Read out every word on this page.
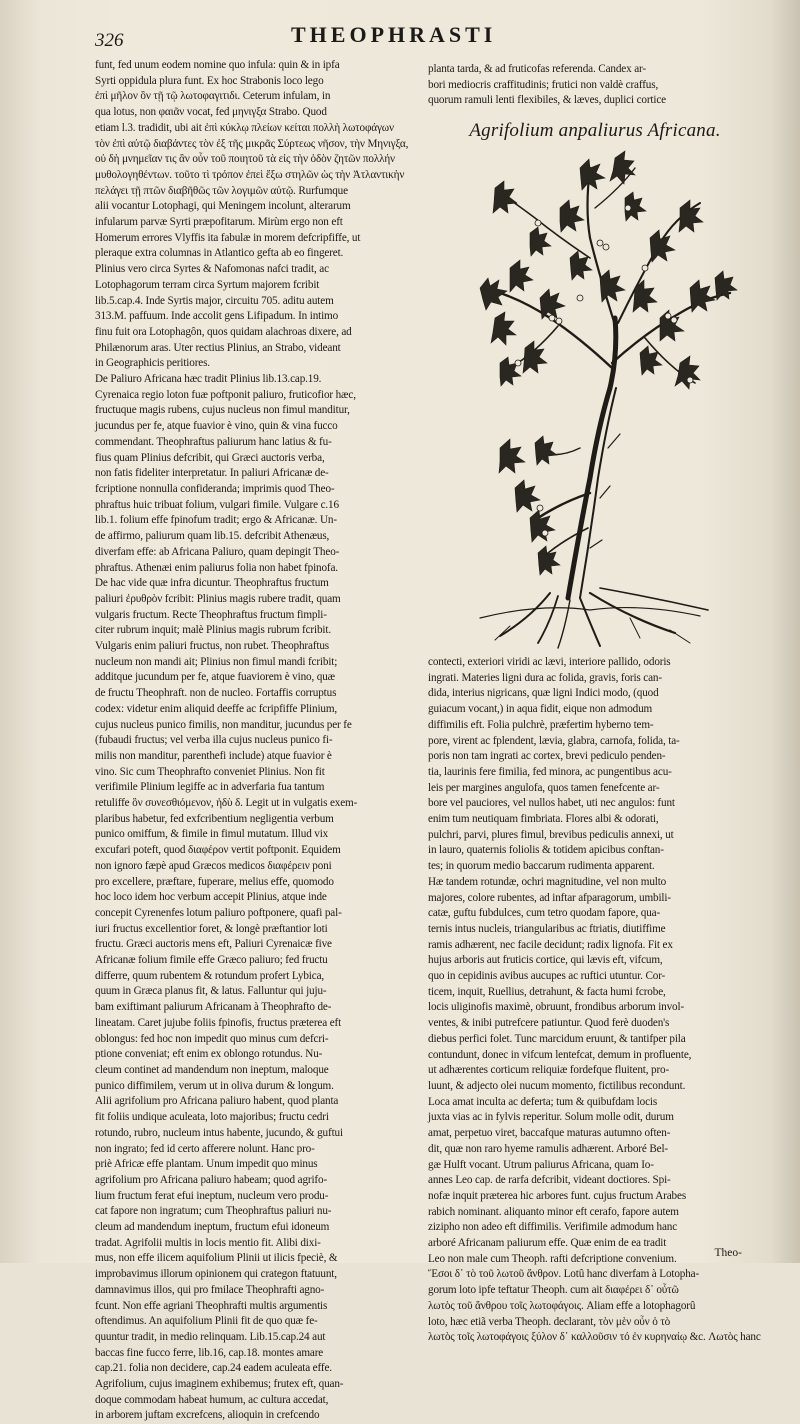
326	THEOPHRASTI
funt, fed unum eodem nomine quo infula: quin & in ipfa
Syrti oppidula plura funt. Ex hoc Strabonis loco lego
ἐπὶ μῆλον ὃν τῇ τῷ λωτοφαγιτιδι. Ceterum infulam, in
qua lotus, non φαιᾶν vocat, fed μηνιγξα Strabo. Quod
etiam l.3. tradidit, ubi ait ἐπὶ κύκλῳ πλείων κείται πολλὴ λωτοφάγων
τὸν ἐπὶ αὐτῷ διαβάντες τὸν ἐξ τῆς μικρᾶς Σύρτεως νῆσον, τὴν Μηνιγξα,
οὐ δὴ μνημεῖαν τις ἂν οὖν τοῦ ποιητοῦ τὰ εἰς τὴν ὁδὸν ζητῶν πολλήν
μυθολογηθέντων. τοῦτο τὶ τρόπον ἐπεὶ ἔξω στηλῶν ὡς τὴν Ἀτλαντικὴν
πελάγει τῇ πτῶν διαβῆθῶς τῶν λογιμῶν αὐτῷ. Rurfumque
alii vocantur Lotophagi, qui Meningem incolunt, alterarum
infularum parvæ Syrti præpofitarum. Mirùm ergo non eft
Homerum errores Vlyffis ita fabulæ in morem defcripfiffe, ut
pleraque extra columnas in Atlantico gefta ab eo fingeret.
Plinius vero circa Syrtes & Nafomonas nafci tradit, ac
Lotophagorum terram circa Syrtum majorem fcribit
lib.5.cap.4. Inde Syrtis major, circuitu 705. aditu autem
313.M. paffuum. Inde accolit gens Lifipadum. In intimo
finu fuit ora Lotophagôn, quos quidam alachroas dixere, ad
Philænorum aras. Uter rectius Plinius, an Strabo, videant
in Geographicis peritiores.
De Paliuro Africana hæc tradit Plinius lib.13.cap.19.
Cyrenaica regio loton fuæ poftponit paliuro, fruticofior hæc,
fructuque magis rubens, cujus nucleus non fimul manditur,
jucundus per fe, atque fuavior è vino, quin & vina fucco
commendant. Theophraftus paliurum hanc latius & fu-
fius quam Plinius defcribit, qui Græci auctoris verba,
non fatis fideliter interpretatur. In paliuri Africanæ de-
fcriptione nonnulla confideranda; imprimis quod Theo-
phraftus huic tribuat folium, vulgari fimile. Vulgare c.16
lib.1. folium effe fpinofum tradit; ergo & Africanæ. Un-
de affirmo, paliurum quam lib.15. defcribit Athenæus,
diverfam effe: ab Africana Paliuro, quam depingit Theo-
phraftus. Athenæi enim paliurus folia non habet fpinofa.
De hac vide quæ infra dicuntur. Theophraftus fructum
paliuri ἐρυθρὸν fcribit: Plinius magis rubere tradit, quam
vulgaris fructum. Recte Theophraftus fructum fimpli-
citer rubrum inquit; malè Plinius magis rubrum fcribit.
Vulgaris enim paliuri fructus, non rubet. Theophraftus
nucleum non mandi ait; Plinius non fimul mandi fcribit;
additque jucundum per fe, atque fuaviorem è vino, quæ
de fructu Theophraft. non de nucleo. Fortaffis corruptus
codex: videtur enim aliquid deeffe ac fcripfiffe Plinium,
cujus nucleus punico fimilis, non manditur, jucundus per fe
(fubaudi fructus; vel verba illa cujus nucleus punico fi-
milis non manditur, parenthefi include) atque fuavior è
vino. Sic cum Theophrafto conveniet Plinius. Non fit
verifimile Plinium legiffe ac in adverfaria fua tantum
retuliffe ὃν συνεσθιόμενον, ἡδὺ δ. Legit ut in vulgatis exem-
plaribus habetur, fed exfcribentium negligentia verbum
punico omiffum, & fimile in fimul mutatum. Illud vix
excufari poteft, quod διαφέρον vertit poftponit. Equidem
non ignoro fæpè apud Græcos medicos διαφέρειν poni
pro excellere, præftare, fuperare, melius effe, quomodo
hoc loco idem hoc verbum accepit Plinius, atque inde
concepit Cyrenenfes lotum paliuro poftponere, quafi pal-
iuri fructus excellentior foret, & longè præftantior loti
fructu. Græci auctoris mens eft, Paliuri Cyrenaicæ five
Africanæ folium fimile effe Græco paliuro; fed fructu
differre, quum rubentem & rotundum profert Lybica,
quum in Græca planus fit, & latus. Falluntur qui juju-
bam exiftimant paliurum Africanam à Theophrafto de-
lineatam. Caret jujube foliis fpinofis, fructus præterea eft
oblongus: fed hoc non impedit quo minus cum defcri-
ptione conveniat; eft enim ex oblongo rotundus. Nu-
cleum continet ad mandendum non ineptum, maloque
punico diffimilem, verum ut in oliva durum & longum.
Alii agrifolium pro Africana paliuro habent, quod planta
fit foliis undique aculeata, loto majoribus; fructu cedri
rotundo, rubro, nucleum intus habente, jucundo, & guftui
non ingrato; fed id certo afferere nolunt. Hanc pro-
priè Africæ effe plantam. Unum impedit quo minus
agrifolium pro Africana paliuro habeam; quod agrifo-
lium fructum ferat efui ineptum, nucleum vero produ-
cat fapore non ingratum; cum Theophraftus paliuri nu-
cleum ad mandendum ineptum, fructum efui idoneum
tradat. Agrifolii multis in locis mentio fit. Alibi dixi-
mus, non effe ilicem aquifolium Plinii ut ilicis fpeciè, &
improbavimus illorum opinionem qui crategon ftatuunt,
damnavimus illos, qui pro fmilace Theophrafti agno-
fcunt. Non effe agriani Theophrafti multis argumentis
oftendimus. An aquifolium Plinii fit de quo quæ fe-
quuntur tradit, in medio relinquam. Lib.15.cap.24 aut
baccas fine fucco ferre, lib.16, cap.18. montes amare
cap.21. folia non decidere, cap.24 eadem aculeata effe.
Agrifolium, cujus imaginem exhibemus; frutex eft, quan-
doque commodam habeat humum, ac cultura accedat,
in arborem juftam excrefcens, alioquin in crefcendo
planta tarda, & ad fruticofas referenda. Candex ar-
bori mediocris craffitudinis; frutici non valdè craffus,
quorum ramuli lenti flexibiles, & læves, duplici cortice
Agrifolium anpaliurus Africana.
contecti, exteriori viridi ac lævi, interiore pallido, odoris
ingrati. Materies ligni dura ac folida, gravis, foris can-
dida, interius nigricans, quæ ligni Indici modo, (quod
guiacum vocant,) in aqua fidit, eique non admodum
diffimilis eft. Folia pulchrè, præfertim hyberno tem-
pore, virent ac fplendent, lævia, glabra, carnofa, folida, ta-
poris non tam ingrati ac cortex, brevi pediculo penden-
tia, laurinis fere fimilia, fed minora, ac pungentibus acu-
leis per margines angulofa, quos tamen fenefcente ar-
bore vel pauciores, vel nullos habet, uti nec angulos: funt
enim tum neutiquam fimbriata. Flores albi & odorati,
pulchri, parvi, plures fimul, brevibus pediculis annexi, ut
in lauro, quaternis foliolis & totidem apicibus conftan-
tes; in quorum medio baccarum rudimenta apparent.
Hæ tandem rotundæ, ochri magnitudine, vel non multo
majores, colore rubentes, ad inftar afparagorum, umbili-
catæ, guftu fubdulces, cum tetro quodam fapore, qua-
ternis intus nucleis, triangularibus ac ftriatis, diutiffime
ramis adhærent, nec facile decidunt; radix lignofa. Fit ex
hujus arboris aut fruticis cortice, qui lævis eft, vifcum,
quo in cepidinis avibus aucupes ac ruftici utuntur. Cor-
ticem, inquit, Ruellius, detrahunt, & facta humi fcrobe,
locis uliginofis maximè, obruunt, frondibus arborum invol-
ventes, & inibi putrefcere patiuntur. Quod ferè duoden's
diebus perfici folet. Tunc marcidum eruunt, & tantifper pila
contundunt, donec in vifcum lentefcat, demum in profluente,
ut adhærentes corticum reliquiæ fordefque fluitent, pro-
luunt, & adjecto olei nucum momento, fictilibus recondunt.
Loca amat inculta ac deferta; tum & quibufdam locis
juxta vias ac in fylvis reperitur. Solum molle odit, durum
amat, perpetuo viret, baccafque maturas autumno often-
dit, quæ non raro hyeme ramulis adhærent. Arboré Bel-
gæ Hulft vocant. Utrum paliurus Africana, quam Io-
annes Leo cap. de rarfa defcribit, videant doctiores. Spi-
nofæ inquit præterea hic arbores funt. cujus fructum Arabes
rabich nominant. aliquanto minor eft cerafo, fapore autem
zizipho non adeo eft diffimilis. Verifimile admodum hanc
arboré Africanam paliurum effe. Quæ enim de ea tradit
Leo non male cum Theoph. rafti defcriptione convenium.
Ἔσοι δ᾽ τὸ τοῦ λωτοῦ ἄνθρον. Lotû hanc diverfam à Lotopha-
gorum loto ipfe teftatur Theoph. cum ait διαφέρει δ᾽ οὗτῶ
λωτὸς τοῦ ἄνθρου τοῖς λωτοφάγοις. Aliam effe a lotophagorû
loto, hæc etiã verba Theoph. declarant, τὸν μὲν οὖν ὁ τὸ
λωτὸς τοῖς λωτοφάγοις ξύλον δ᾽ καλλοῦσιν τό ἐν κυρηναίῳ &c. Λωτὸς hanc
Theo-
